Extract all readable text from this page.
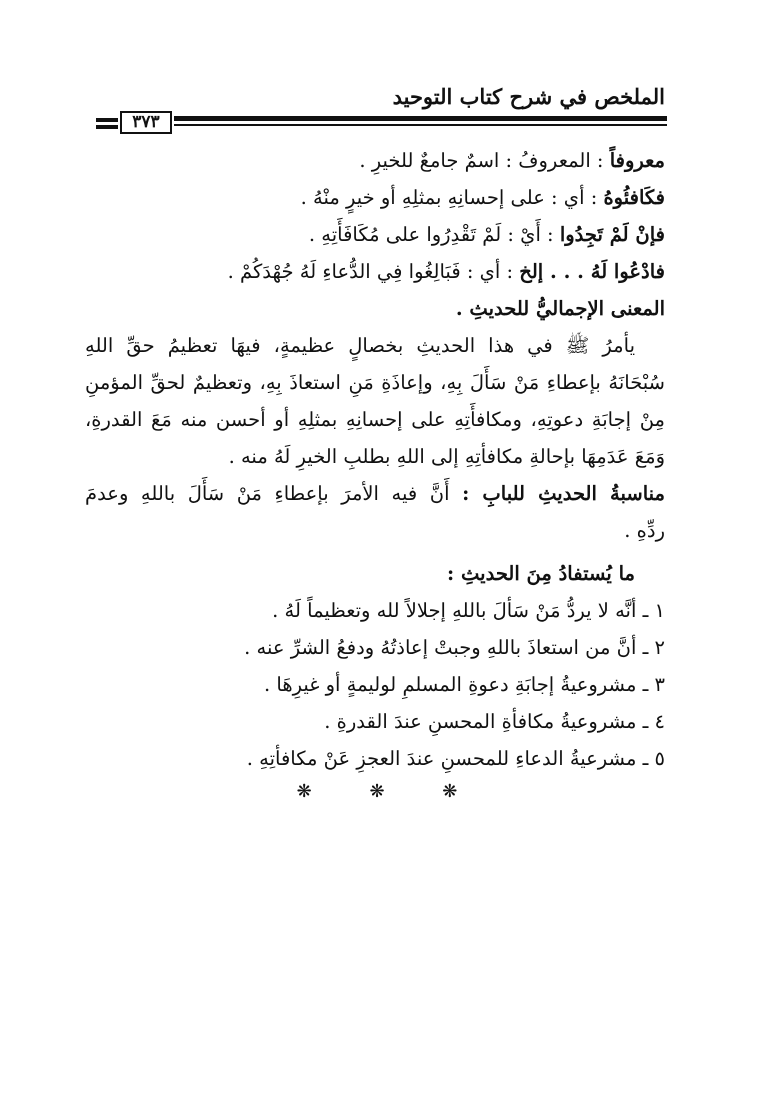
الملخص في شرح كتاب التوحيد
٣٧٣
معروفاً : المعروفُ : اسمٌ جامعٌ للخيرِ .
فكَافئُوهُ : أي : على إحسانِهِ بمثلِهِ أو خيرٍ منْهُ .
فإنْ لَمْ تَجِدُوا : أَيْ : لَمْ تَقْدِرُوا على مُكَافَأَتِهِ .
فادْعُوا لَهُ . . . إلخ : أي : فَبَالِغُوا فِي الدُّعاءِ لَهُ جُهْدَكُمْ .
المعنى الإجماليُّ للحديثِ .
يأمرُ ﷺ في هذا الحديثِ بخصالٍ عظيمةٍ، فيهَا تعظيمُ حقِّ اللهِ
سُبْحَانَهُ بإعطاءِ مَنْ سَأَلَ بِهِ، وإعاذَةِ مَنِ استعاذَ بِهِ، وتعظيمٌ لحقِّ المؤمنِ
مِنْ إجابَةِ دعوتِهِ، ومكافأَتِهِ على إحسانِهِ بمثلِهِ أو أحسن منه مَعَ القدرةِ،
وَمَعَ عَدَمِهَا بإحالةِ مكافأتِهِ إلى اللهِ بطلبِ الخيرِ لَهُ منه .
مناسبةُ الحديثِ للبابِ : أَنَّ فيه الأمرَ بإعطاءِ مَنْ سَأَلَ باللهِ وعدمَ
ردِّهِ .
ما يُستفادُ مِنَ الحديثِ :
١ ـ أنَّه لا يردُّ مَنْ سَألَ باللهِ إجلالاً لله وتعظيماً لَهُ .
٢ ـ أنَّ من استعاذَ باللهِ وجبتْ إعاذتُهُ ودفعُ الشرِّ عنه .
٣ ـ مشروعيةُ إجابَةِ دعوةِ المسلمِ لوليمةٍ أو غيرِهَا .
٤ ـ مشروعيةُ مكافأةِ المحسنِ عندَ القدرةِ .
٥ ـ مشرعيةُ الدعاءِ للمحسنِ عندَ العجزِ عَنْ مكافأتِهِ .
❋ ❋ ❋
